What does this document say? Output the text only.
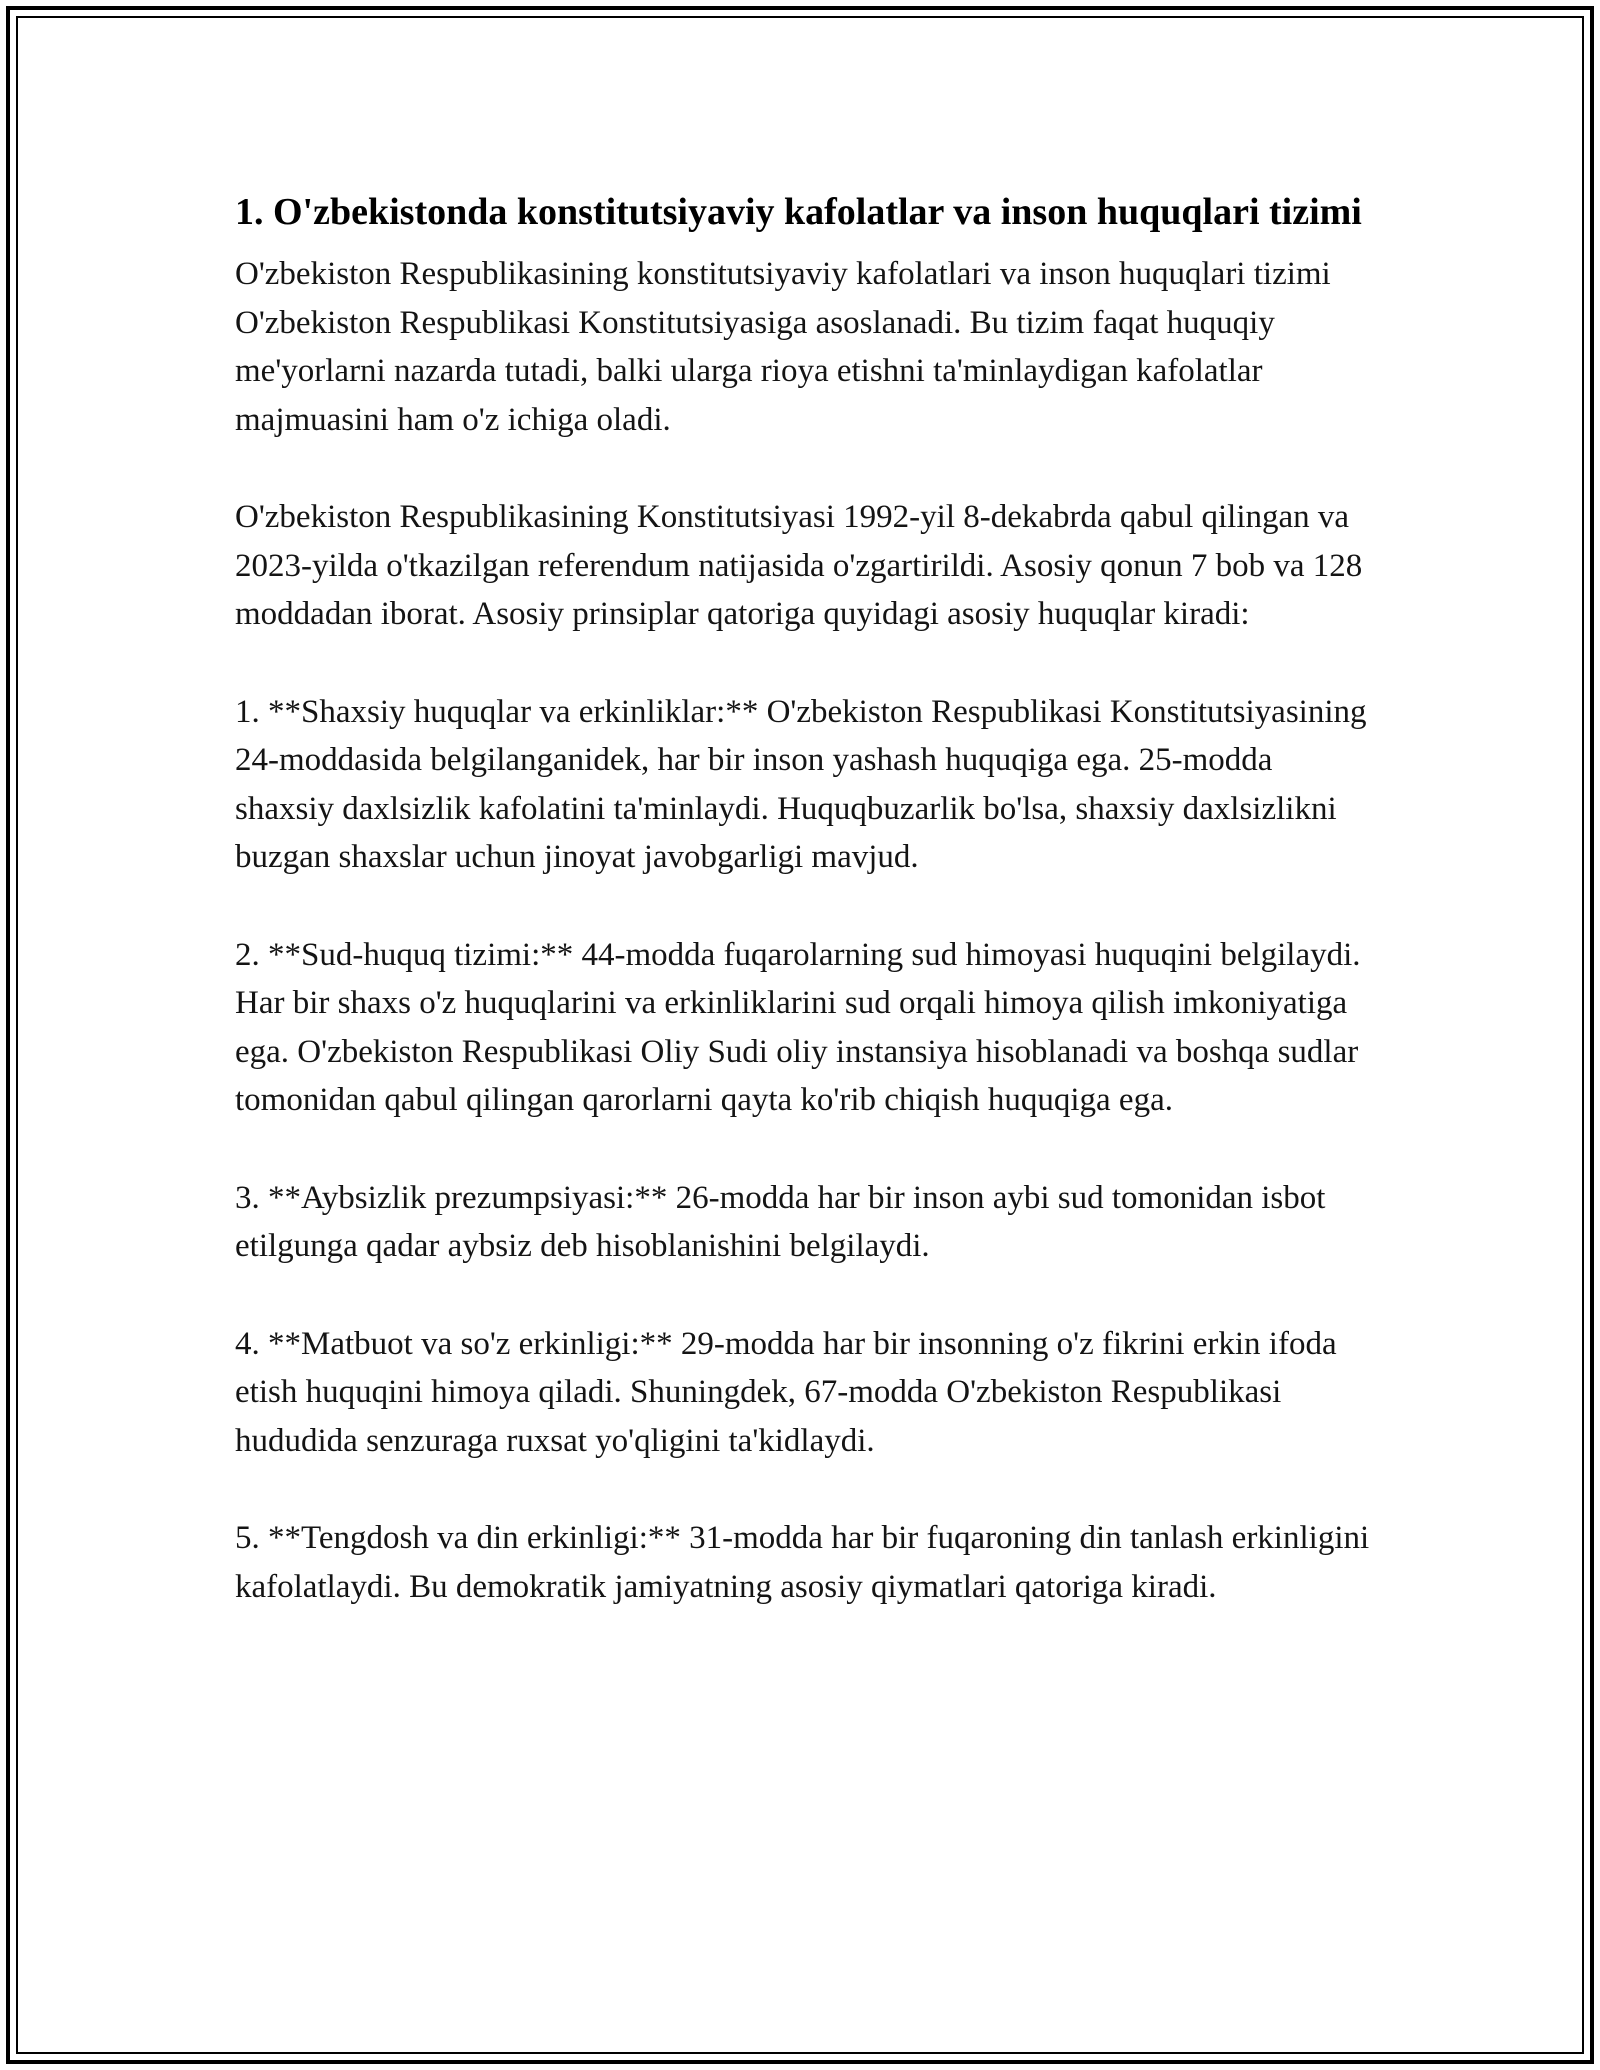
1. O'zbekistonda konstitutsiyaviy kafolatlar va inson huquqlari tizimi

O'zbekiston Respublikasining konstitutsiyaviy kafolatlari va inson huquqlari tizimi O'zbekiston Respublikasi Konstitutsiyasiga asoslanadi. Bu tizim faqat huquqiy me'yorlarni nazarda tutadi, balki ularga rioya etishni ta'minlaydigan kafolatlar majmuasini ham o'z ichiga oladi.

O'zbekiston Respublikasining Konstitutsiyasi 1992-yil 8-dekabrda qabul qilingan va 2023-yilda o'tkazilgan referendum natijasida o'zgartirildi. Asosiy qonun 7 bob va 128 moddadan iborat. Asosiy prinsiplar qatoriga quyidagi asosiy huquqlar kiradi:

1. **Shaxsiy huquqlar va erkinliklar:** O'zbekiston Respublikasi Konstitutsiyasining 24-moddasida belgilanganidek, har bir inson yashash huquqiga ega. 25-modda shaxsiy daxlsizlik kafolatini ta'minlaydi. Huquqbuzarlik bo'lsa, shaxsiy daxlsizlikni buzgan shaxslar uchun jinoyat javobgarligi mavjud.

2. **Sud-huquq tizimi:** 44-modda fuqarolarning sud himoyasi huquqini belgilaydi. Har bir shaxs o'z huquqlarini va erkinliklarini sud orqali himoya qilish imkoniyatiga ega. O'zbekiston Respublikasi Oliy Sudi oliy instansiya hisoblanadi va boshqa sudlar tomonidan qabul qilingan qarorlarni qayta ko'rib chiqish huquqiga ega.

3. **Aybsizlik prezumpsiyasi:** 26-modda har bir inson aybi sud tomonidan isbot etilgunga qadar aybsiz deb hisoblanishini belgilaydi.

4. **Matbuot va so'z erkinligi:** 29-modda har bir insonning o'z fikrini erkin ifoda etish huquqini himoya qiladi. Shuningdek, 67-modda O'zbekiston Respublikasi hududida senzuraga ruxsat yo'qligini ta'kidlaydi.

5. **Tengdosh va din erkinligi:** 31-modda har bir fuqaroning din tanlash erkinligini kafolatlaydi. Bu demokratik jamiyatning asosiy qiymatlari qatoriga kiradi.
